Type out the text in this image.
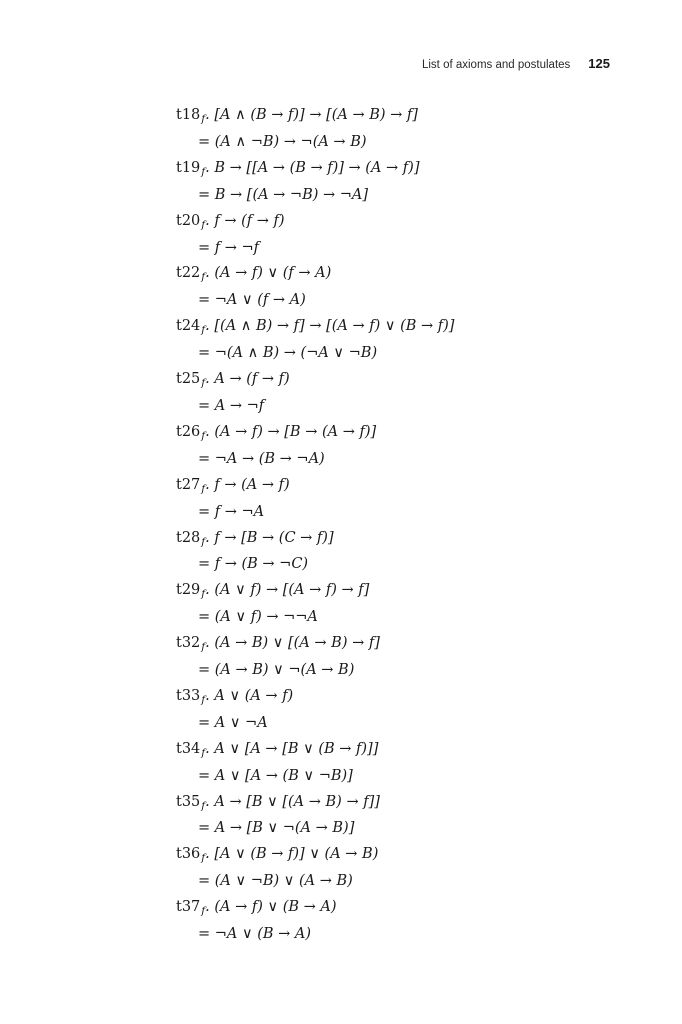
List of axioms and postulates 125
$t18_f$. [A ∧ (B → f)] → [(A → B) → f]
= (A ∧ ¬B) → ¬(A → B)
$t19_f$. B → [[A → (B → f)] → (A → f)]
= B → [(A → ¬B) → ¬A]
$t20_f$. f → (f → f)
= f → ¬f
$t22_f$. (A → f) ∨ (f → A)
= ¬A ∨ (f → A)
$t24_f$. [(A ∧ B) → f] → [(A → f) ∨ (B → f)]
= ¬(A ∧ B) → (¬A ∨ ¬B)
$t25_f$. A → (f → f)
= A → ¬f
$t26_f$. (A → f) → [B → (A → f)]
= ¬A → (B → ¬A)
$t27_f$. f → (A → f)
= f → ¬A
$t28_f$. f → [B → (C → f)]
= f → (B → ¬C)
$t29_f$. (A ∨ f) → [(A → f) → f]
= (A ∨ f) → ¬¬A
$t32_f$. (A → B) ∨ [(A → B) → f]
= (A → B) ∨ ¬(A → B)
$t33_f$. A ∨ (A → f)
= A ∨ ¬A
$t34_f$. A ∨ [A → [B ∨ (B → f)]]
= A ∨ [A → (B ∨ ¬B)]
$t35_f$. A → [B ∨ [(A → B) → f]]
= A → [B ∨ ¬(A → B)]
$t36_f$. [A ∨ (B → f)] ∨ (A → B)
= (A ∨ ¬B) ∨ (A → B)
$t37_f$. (A → f) ∨ (B → A)
= ¬A ∨ (B → A)
